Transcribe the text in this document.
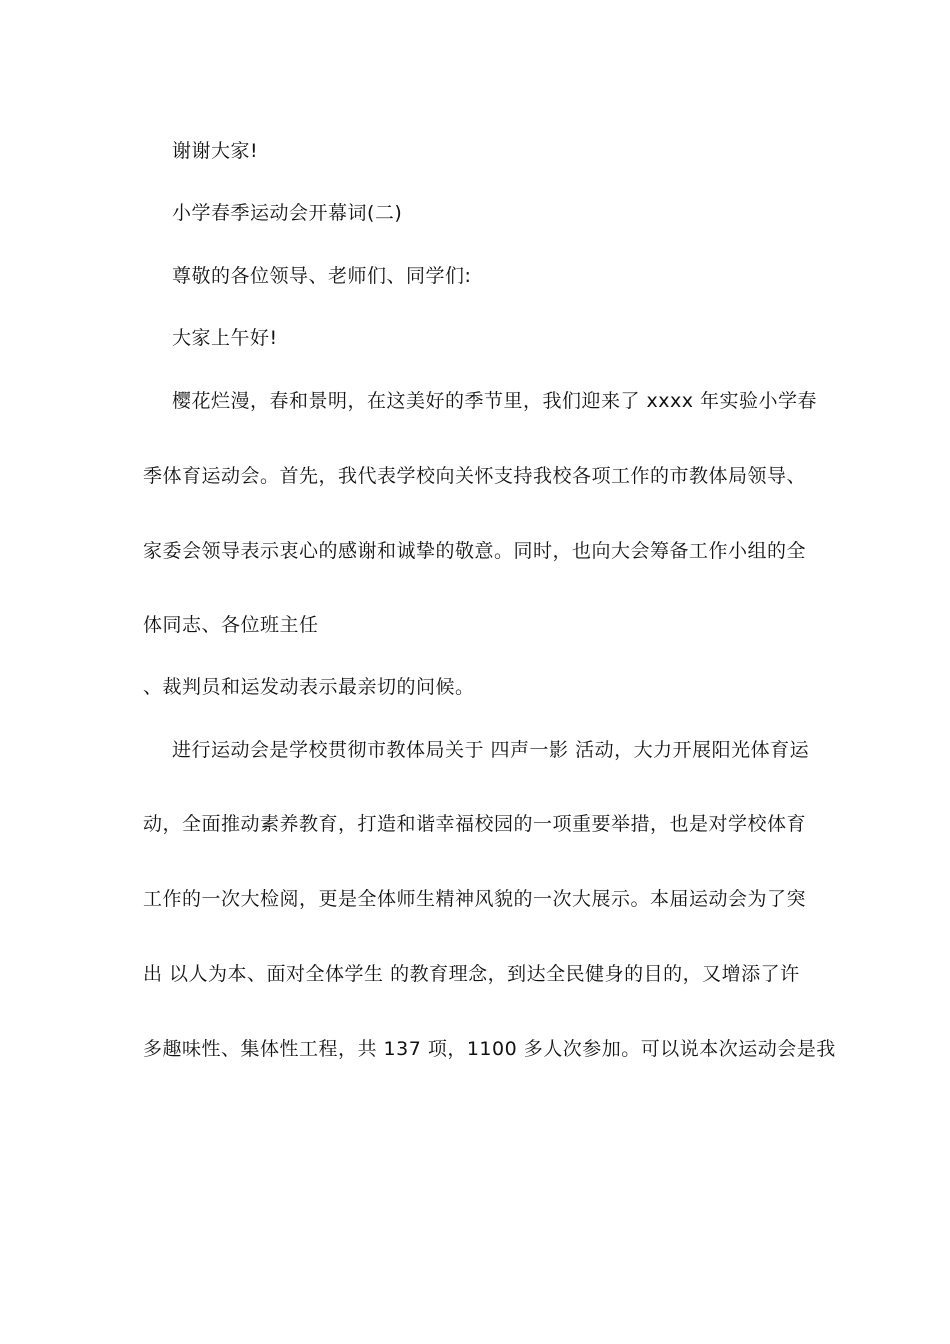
谢谢大家!
小学春季运动会开幕词(二)
尊敬的各位领导、老师们、同学们:
大家上午好!
樱花烂漫，春和景明，在这美好的季节里，我们迎来了 xxxx 年实验小学春
季体育运动会。首先，我代表学校向关怀支持我校各项工作的市教体局领导、
家委会领导表示衷心的感谢和诚挚的敬意。同时，也向大会筹备工作小组的全
体同志、各位班主任
、裁判员和运发动表示最亲切的问候。
进行运动会是学校贯彻市教体局关于 四声一影 活动，大力开展阳光体育运
动，全面推动素养教育，打造和谐幸福校园的一项重要举措，也是对学校体育
工作的一次大检阅，更是全体师生精神风貌的一次大展示。本届运动会为了突
出 以人为本、面对全体学生 的教育理念，到达全民健身的目的，又增添了许
多趣味性、集体性工程，共 137 项，1100 多人次参加。可以说本次运动会是我
